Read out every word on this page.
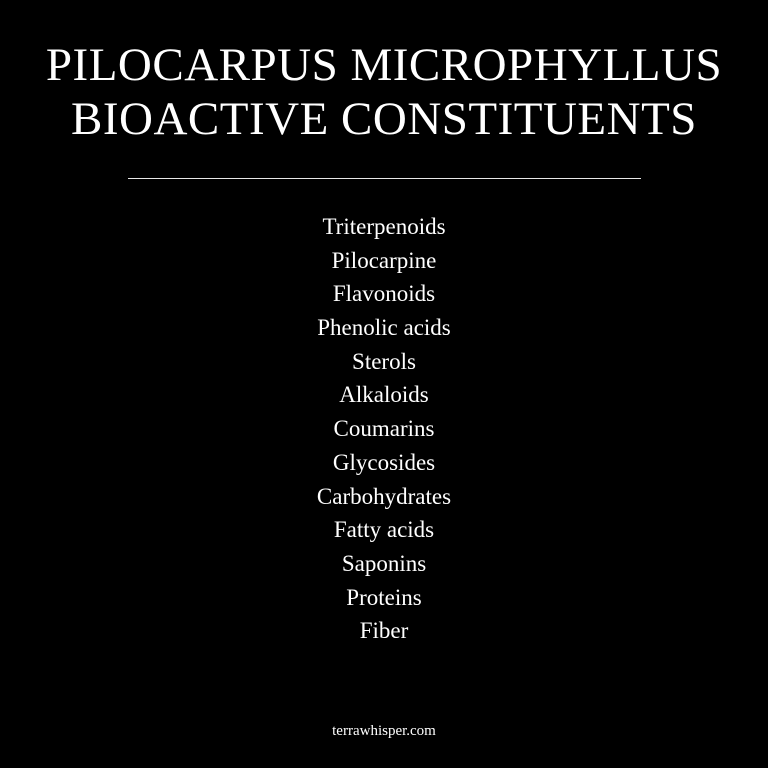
PILOCARPUS MICROPHYLLUS
BIOACTIVE CONSTITUENTS
Triterpenoids
Pilocarpine
Flavonoids
Phenolic acids
Sterols
Alkaloids
Coumarins
Glycosides
Carbohydrates
Fatty acids
Saponins
Proteins
Fiber
terrawhisper.com
